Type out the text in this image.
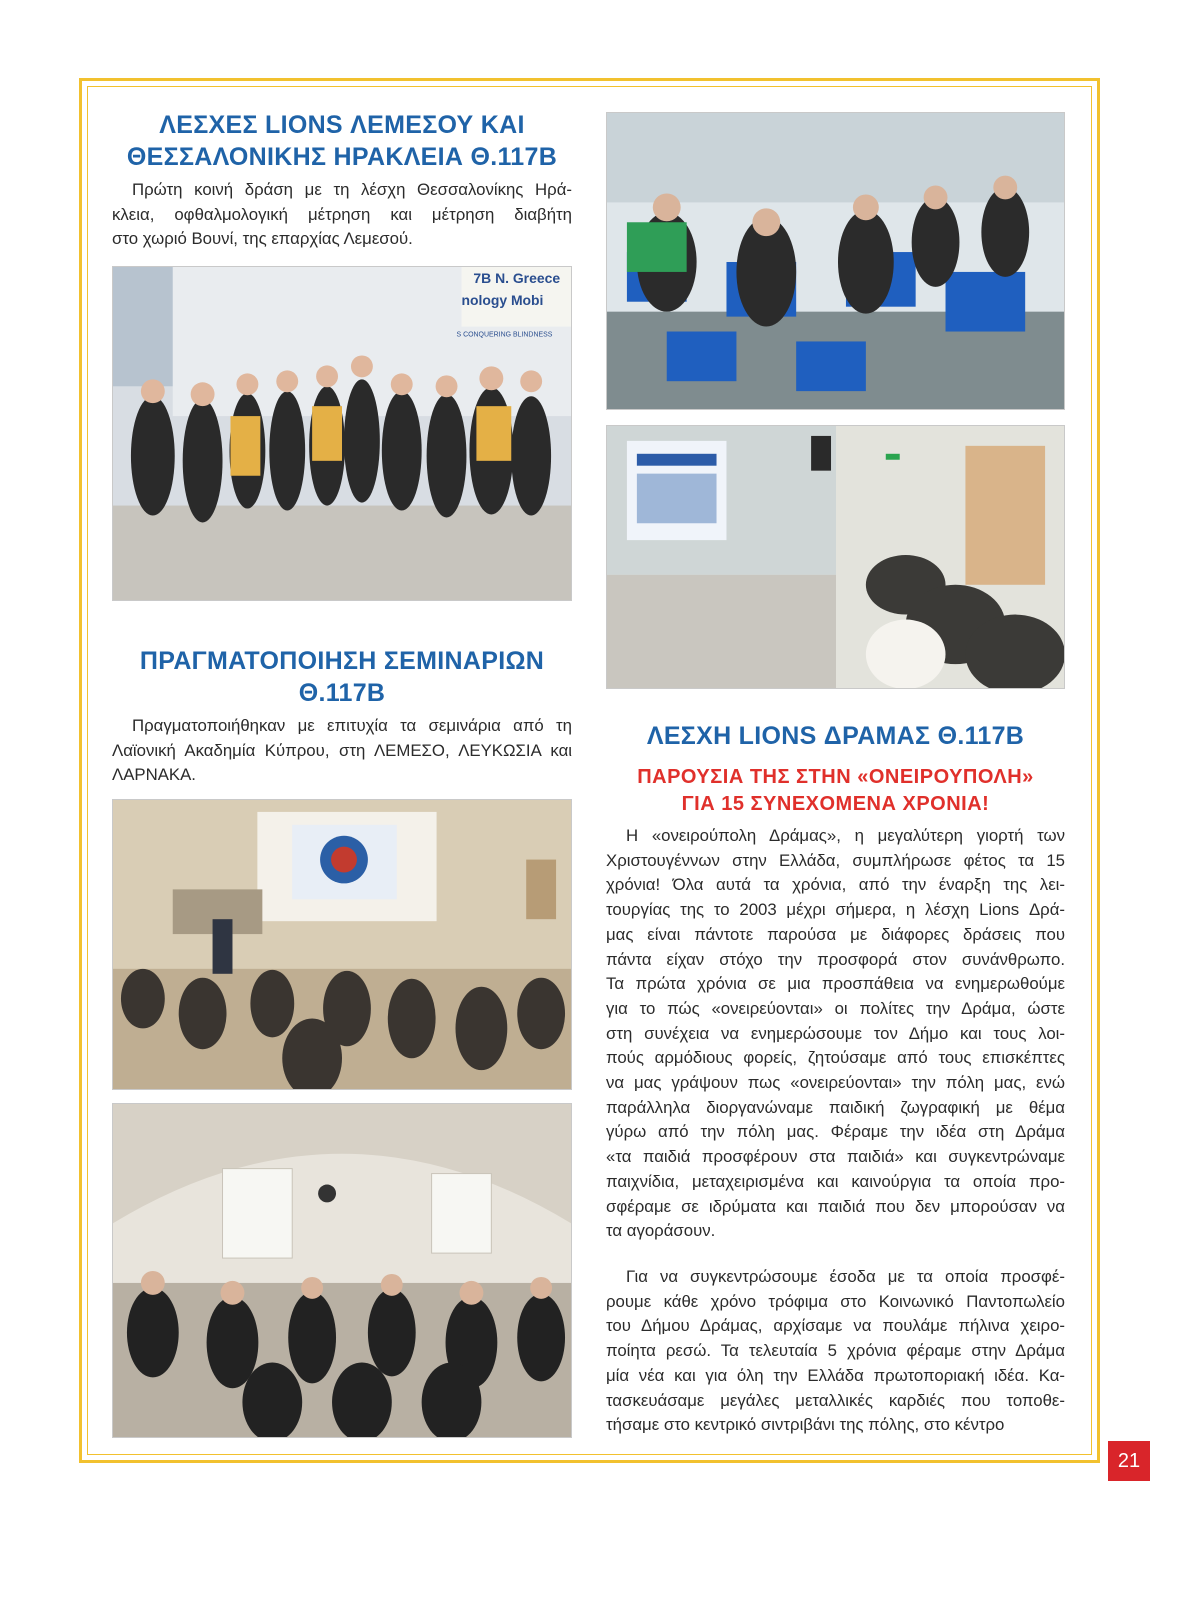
ΛΕΣΧΕΣ LIONS ΛΕΜΕΣΟΥ ΚΑΙ
ΘΕΣΣΑΛΟΝΙΚΗΣ ΗΡΑΚΛΕΙΑ Θ.117Β
Πρώτη κοινή δράση με τη λέσχη Θεσσαλονίκης Ηρά-
κλεια, οφθαλμολογική μέτρηση και μέτρηση διαβήτη
στο χωριό Βουνί, της επαρχίας Λεμεσού.
7B N. Greece
nology Mobi
S CONQUERING BLINDNESS
ΠΡΑΓΜΑΤΟΠΟΙΗΣΗ ΣΕΜΙΝΑΡΙΩΝ
Θ.117Β
Πραγματοποιήθηκαν με επιτυχία τα σεμινάρια από τη
Λαϊονική Ακαδημία Κύπρου, στη ΛΕΜΕΣΟ, ΛΕΥΚΩΣΙΑ και
ΛΑΡΝΑΚΑ.
ΛΕΣΧΗ LIONS ΔΡΑΜΑΣ Θ.117Β
ΠΑΡΟΥΣΙΑ ΤΗΣ ΣΤΗΝ «ΟΝΕΙΡΟΥΠΟΛΗ»
ΓΙΑ 15 ΣΥΝΕΧΟΜΕΝΑ ΧΡΟΝΙΑ!
Η «ονειρούπολη Δράμας», η μεγαλύτερη γιορτή των
Χριστουγέννων στην Ελλάδα, συμπλήρωσε φέτος τα 15
χρόνια! Όλα αυτά τα χρόνια, από την έναρξη της λει-
τουργίας της το 2003 μέχρι σήμερα, η λέσχη Lions Δρά-
μας είναι πάντοτε παρούσα με διάφορες δράσεις που
πάντα είχαν στόχο την προσφορά στον συνάνθρωπο.
Τα πρώτα χρόνια σε μια προσπάθεια να ενημερωθούμε
για το πώς «ονειρεύονται» οι πολίτες την Δράμα, ώστε
στη συνέχεια να ενημερώσουμε τον Δήμο και τους λοι-
πούς αρμόδιους φορείς, ζητούσαμε από τους επισκέπτες
να μας γράψουν πως «ονειρεύονται» την πόλη μας, ενώ
παράλληλα διοργανώναμε παιδική ζωγραφική με θέμα
γύρω από την πόλη μας. Φέραμε την ιδέα στη Δράμα
«τα παιδιά προσφέρουν στα παιδιά» και συγκεντρώναμε
παιχνίδια, μεταχειρισμένα και καινούργια τα οποία προ-
σφέραμε σε ιδρύματα και παιδιά που δεν μπορούσαν να
τα αγοράσουν.
Για να συγκεντρώσουμε έσοδα με τα οποία προσφέ-
ρουμε κάθε χρόνο τρόφιμα στο Κοινωνικό Παντοπωλείο
του Δήμου Δράμας, αρχίσαμε να πουλάμε πήλινα χειρο-
ποίητα ρεσώ. Τα τελευταία 5 χρόνια φέραμε στην Δράμα
μία νέα και για όλη την Ελλάδα πρωτοποριακή ιδέα. Κα-
τασκευάσαμε μεγάλες μεταλλικές καρδιές που τοποθε-
τήσαμε στο κεντρικό σιντριβάνι της πόλης, στο κέντρο
21
